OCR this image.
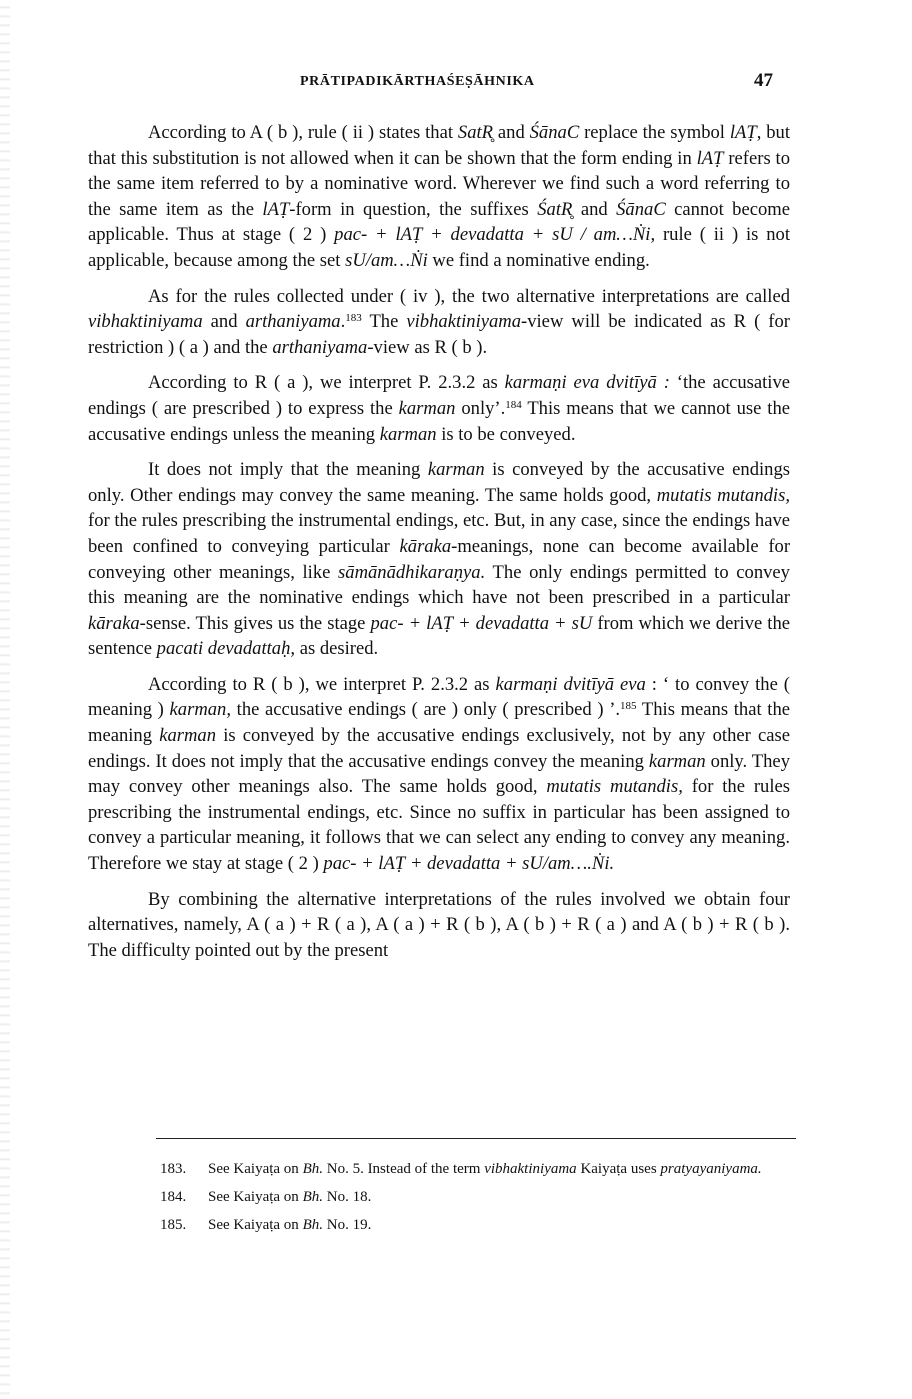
PRĀTIPADIKĀRTHAŚEṢĀHNIKA	47

According to A ( b ), rule ( ii ) states that SatR̥ and ŚānaC replace the symbol lAṬ, but that this substitution is not allowed when it can be shown that the form ending in lAṬ refers to the same item referred to by a nominative word. Wherever we find such a word referring to the same item as the lAṬ-form in question, the suffixes ŚatR̥ and ŚānaC cannot become applicable. Thus at stage ( 2 ) pac- + lAṬ + devadatta + sU / am…Ṅi, rule ( ii ) is not applicable, because among the set sU/am…Ṅi we find a nominative ending.

As for the rules collected under ( iv ), the two alternative interpretations are called vibhaktiniyama and arthaniyama.$^{183}$ The vibhaktiniyama-view will be indicated as R ( for restriction ) ( a ) and the arthaniyama-view as R ( b ).

According to R ( a ), we interpret P. 2.3.2 as karmaṇi eva dvitīyā : ‘the accusative endings ( are prescribed ) to express the karman only’.$^{184}$ This means that we cannot use the accusative endings unless the meaning karman is to be conveyed.

It does not imply that the meaning karman is conveyed by the accusative endings only. Other endings may convey the same meaning. The same holds good, mutatis mutandis, for the rules prescribing the instrumental endings, etc. But, in any case, since the endings have been confined to conveying particular kāraka-meanings, none can become available for conveying other meanings, like sāmānādhikaraṇya. The only endings permitted to convey this meaning are the nominative endings which have not been prescribed in a particular kāraka-sense. This gives us the stage pac- + lAṬ + devadatta + sU from which we derive the sentence pacati devadattaḥ, as desired.

According to R ( b ), we interpret P. 2.3.2 as karmaṇi dvitīyā eva : ‘ to convey the ( meaning ) karman, the accusative endings ( are ) only ( prescribed ) ’.$^{185}$ This means that the meaning karman is conveyed by the accusative endings exclusively, not by any other case endings. It does not imply that the accusative endings convey the meaning karman only. They may convey other meanings also. The same holds good, mutatis mutandis, for the rules prescribing the instrumental endings, etc. Since no suffix in particular has been assigned to convey a particular meaning, it follows that we can select any ending to convey any meaning. Therefore we stay at stage ( 2 ) pac- + lAṬ + devadatta + sU/am….Ṅi.

By combining the alternative interpretations of the rules involved we obtain four alternatives, namely, A ( a ) + R ( a ), A ( a ) + R ( b ), A ( b ) + R ( a ) and A ( b ) + R ( b ). The difficulty pointed out by the present

183. See Kaiyaṭa on Bh. No. 5. Instead of the term vibhaktiniyama Kaiyaṭa uses pratyayaniyama.
184. See Kaiyaṭa on Bh. No. 18.
185. See Kaiyaṭa on Bh. No. 19.
